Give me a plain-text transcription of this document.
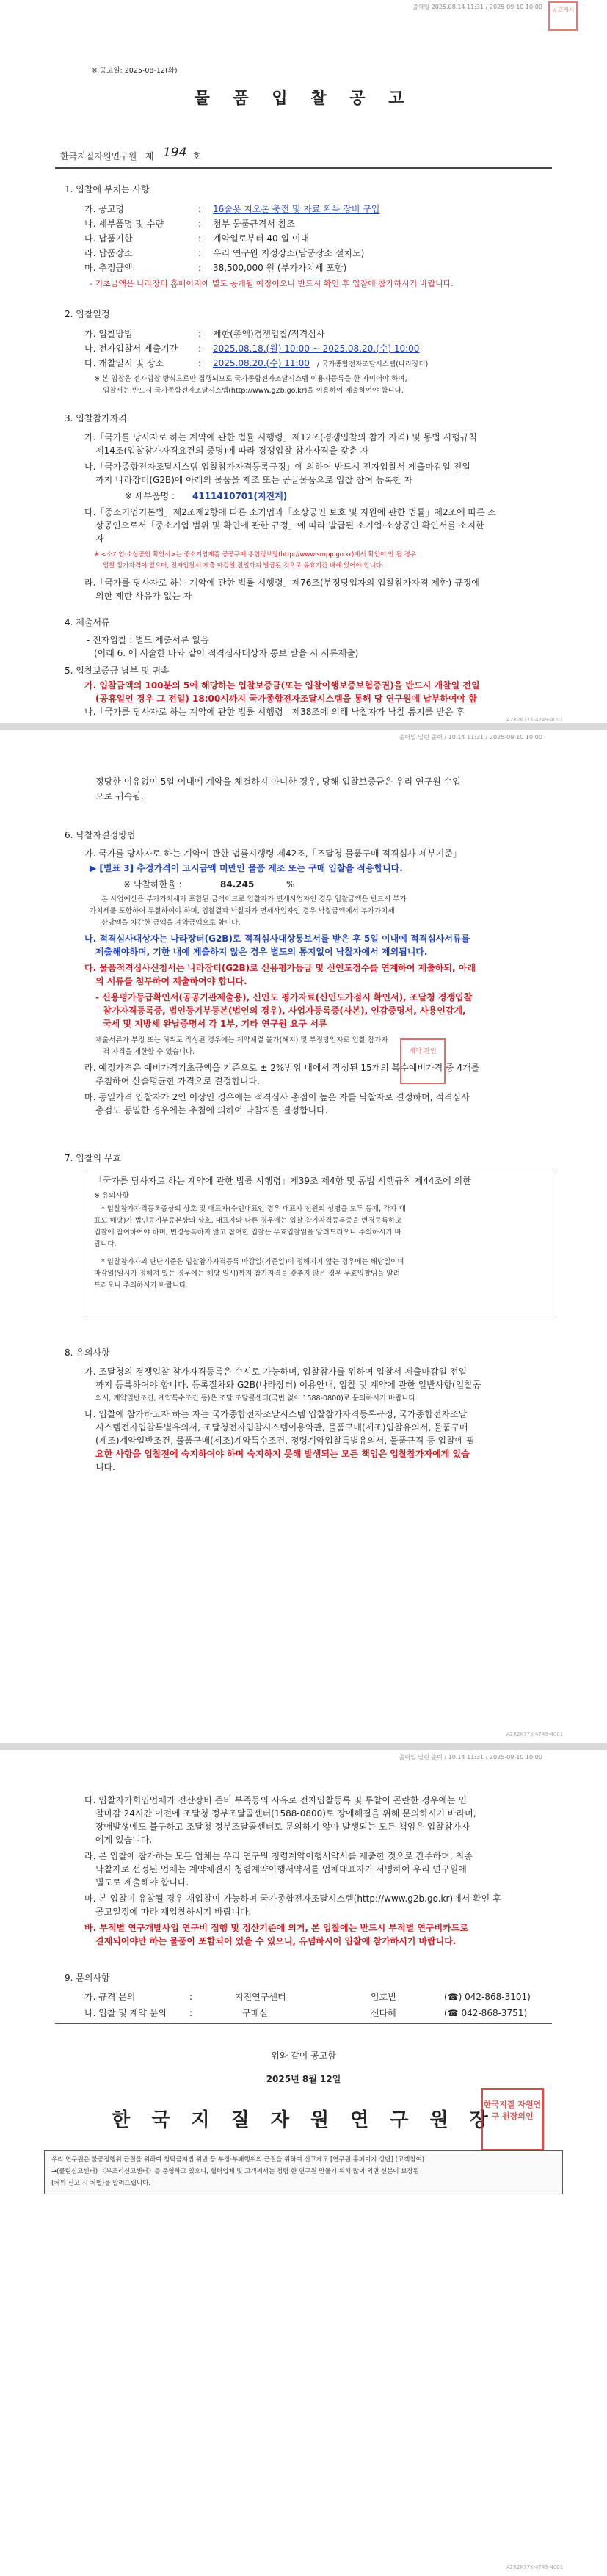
출력일 2025.08.14 11:31 / 2025-09-10 10:00	공고게시
※ 공고일: 2025-08-12(화)
물 품 입 찰 공 고
한국지질자원연구원 제 194 호
1. 입찰에 부치는 사항
가. 공고명	: 16술옷 지오톤 충전 및 자료 획득 장비 구입
나. 세부품명 및 수량	: 첨부 물품규격서 참조
다. 납품기한	: 계약일로부터 40 일 이내
라. 납품장소	: 우리 연구원 지정장소(남품장소 설치도)
마. 추정금액	: 38,500,000 원 (부가가치세 포함)
- 기초금액은 나라장터 홈페이지에 별도 공개될 예정이오니 반드시 확인 후 입찰에 참가하시기 바랍니다.
2. 입찰일정
가. 입찰방법	: 제한(총액)경쟁입찰/적격심사
나. 전자입찰서 제출기간 : 2025.08.18.(월) 10:00 ~ 2025.08.20.(수) 10:00
다. 개찰일시 및 장소	: 2025.08.20.(수) 11:00 / 국가종합전자조달시스템(나라장터)
※ 본 입찰은 전자입찰 방식으로만 집행되므로 국가종합전자조달시스템 이용자등록을 한 자이어야 하며,
입찰서는 반드시 국가종합전자조달시스템(http://www.g2b.go.kr)을 이용하여 제출하여야 합니다.
3. 입찰참가자격
가.「국가를 당사자로 하는 계약에 관한 법률 시행령」제12조(경쟁입찰의 참가 자격) 및 동법 시행규칙
제14조(입찰참가자격요건의 증명)에 따라 경쟁입찰 참가자격을 갖춘 자
나.「국가종합전자조달시스템 입찰참가자격등록규정」에 의하여 반드시 전자입찰서 제출마감일 전일
까지 나라장터(G2B)에 아래의 물품을 제조 또는 공급물품으로 입찰 참여 등록한 자
※ 세부품명 : 4111410701(지진계)
다.「중소기업기본법」제2조제2항에 따른 소기업과「소상공인 보호 및 지원에 관한 법률」제2조에 따른 소
상공인으로서「중소기업 범위 및 확인에 관한 규정」에 따라 발급된 소기업·소상공인 확인서를 소지한
자
※ <소기업·소상공인 확인서>는 중소기업제품 공공구매 종합정보망(http://www.smpp.go.kr)에서 확인이 안 될 경우
입찰 참가자격이 없으며, 전자입찰서 제출 마감일 전일까지 발급된 것으로 유효기간 내에 있어야 합니다.
라.「국가를 당사자로 하는 계약에 관한 법률 시행령」제76조(부정당업자의 입찰참가자격 제한) 규정에
의한 제한 사유가 없는 자
4. 제출서류
- 전자입찰 : 별도 제출서류 없음
(이래 6. 에 서술한 바와 같이 적격심사대상자 통보 받을 시 서류제출)
5. 입찰보증금 납부 및 귀속
가. 입찰금액의 100분의 5에 해당하는 입찰보증금(또는 입찰이행보증보험증권)을 반드시 개찰일 전일
(공휴일인 경우 그 전일) 18:00시까지 국가종합전자조달시스템을 통해 당 연구원에 납부하여야 함
나.「국가를 당사자로 하는 계약에 관한 법률 시행령」제38조에 의해 낙찰자가 낙찰 통지를 받은 후
A2R2K77X-4749-4001
출력일 밀린 출력 / 10.14 11:31 / 2025-09-10 10:00
정당한 이유없이 5일 이내에 계약을 체결하지 아니한 경우, 당해 입찰보증금은 우리 연구원 수입
으로 귀속됨.
6. 낙찰자결정방법
가. 국가를 당사자로 하는 계약에 관한 법률시행령 제42조,「조달청 물품구매 적격심사 세부기준」
▶ [별표 3] 추정가격이 고시금액 미만인 물품 제조 또는 구매 입찰을 적용합니다.
※ 낙찰하한율 :	84.245	%
본 사업예산은 부가가치세가 포함된 금액이므로 입찰자가 면세사업자인 경우 입찰금액은 반드시 부가
가치세를 포함하여 투찰하여야 하며, 입찰결과 낙찰자가 면세사업자인 경우 낙찰금액에서 부가가치세
상당액을 차감한 금액을 계약금액으로 합니다.
나. 적격심사대상자는 나라장터(G2B)로 적격심사대상통보서를 받은 후 5일 이내에 적격심사서류를
제출해야하며, 기한 내에 제출하지 않은 경우 별도의 통지없이 낙찰자에서 제외됩니다.
다. 물품적격심사신청서는 나라장터(G2B)로 신용평가등급 및 신인도정수를 연계하여 제출하되, 아래
의 서류를 첨부하여 제출하여야 합니다.
- 신용평가등급확인서(공공기관제출용), 신인도 평가자료(신인도가점시 확인서), 조달청 경쟁입찰
참가자격등록증, 법인등기부등본(법인의 경우), 사업자등록증(사본), 인감증명서, 사용인감계,
국세 및 지방세 완납증명서 각 1부, 기타 연구원 요구 서류
제출서류가 부정 또는 허위로 작성된 경우에는 계약체결 불가(해지) 및 부정당업자로 입찰 참가자
격 자격을 제한할 수 있습니다.
라. 예정가격은 예비가격기초금액을 기준으로 ± 2%범위 내에서 작성된 15개의 복수예비가격 중 4개를
추첨하여 산술평균한 가격으로 결정합니다.
마. 동일가격 입찰자가 2인 이상인 경우에는 적격심사 총점이 높은 자를 낙찰자로 결정하며, 적격심사
총점도 동일한 경우에는 추첨에 의하여 낙찰자를 결정합니다.
계약 관인
7. 입찰의 무효
「국가를 당사자로 하는 계약에 관한 법률 시행령」제39조 제4항 및 동법 시행규칙 제44조에 의한
※ 유의사항
* 입찰참가자격등록증상의 상호 및 대표자(수인대표인 경우 대표자 전원의 성명을 모두 등재, 각자 대
표도 해당)가 법인등기부등본상의 상호, 대표자와 다른 경우에는 입찰 참가자격등록증을 변경등록하고
입찰에 참여하여야 하며, 변경등록하지 않고 참여한 입찰은 무효입찰임을 알려드리오니 주의하시기 바
랍니다.
* 입찰참가자의 판단기준은 입찰참가자격등록 마감일(기준일)이 정해지지 않는 경우에는 해당일이며
마감일(일시가 정해져 있는 경우에는 해당 일시)까지 참가자격을 갖추지 않은 경우 무효입찰임을 알려
드리오니 주의하시기 바랍니다.
8. 유의사항
가. 조달청의 경쟁입찰 참가자격등록은 수시로 가능하며, 입찰참가를 위하여 입찰서 제출마감일 전일
까지 등록하여야 합니다. 등록절차와 G2B(나라장터) 이용안내, 입찰 및 계약에 관한 일반사항(입찰공
의서, 계약일반조건, 계약특수조건 등)은 조달 조달콜센터(국번 없이 1588-0800)로 문의하시기 바랍니다.
나. 입찰에 참가하고자 하는 자는 국가종합전자조달시스템 입찰참가자격등록규정, 국가종합전자조달
시스템전자입찰특별유의서, 조달청전자입찰시스템이용약관, 물품구매(제조)입찰유의서, 물품구매
(제조)계약일반조건, 물품구매(제조)계약특수조건, 정령계약입찰특별유의서, 물품규격 등 입찰에 필
요한 사항을 입찰전에 숙지하여야 하며 숙지하지 못해 발생되는 모든 책임은 입찰참가자에게 있습
니다.
A2R2K77X-4749-4001
출력일 밀린 출력 / 10.14 11:31 / 2025-09-10 10:00
다. 입찰자가회입업체가 전산장비 준비 부족등의 사유로 전자입찰등록 및 투찰이 곤란한 경우에는 입
찰마감 24시간 이전에 조달청 정부조달콜센터(1588-0800)로 장애해결을 위해 문의하시기 바라며,
장애발생에도 불구하고 조달청 정부조달콜센터로 문의하지 않아 발생되는 모든 책임은 입찰참가자
에게 있습니다.
라. 본 입찰에 참가하는 모든 업체는 우리 연구원 청렴계약이행서약서를 제출한 것으로 간주하며, 최종
낙찰자로 선정된 업체는 계약체결시 청렴계약이행서약서를 업체대표자가 서명하여 우리 연구원에
별도로 제출해야 합니다.
마. 본 입찰이 유찰될 경우 재입찰이 가능하며 국가종합전자조달시스템(http://www.g2b.go.kr)에서 확인 후
공고일정에 따라 재입찰하시기 바랍니다.
바. 부적별 연구개발사업 연구비 집행 및 정산기준에 의거, 본 입찰에는 반드시 부적별 연구비카드로
결제되어야만 하는 물품이 포함되어 있을 수 있으니, 유념하시어 입찰에 참가하시기 바랍니다.
9. 문의사항
가. 규격 문의	:	지진연구센터	임호빈	(☎) 042-868-3101)
나. 입찰 및 계약 문의	:	구매실	신다혜	(☎ 042-868-3751)
위와 같이 공고함
2025년 8월 12일
한 국 지 질 자 원 연 구 원 장
한국지질 자원연구 원장의인
우리 연구원은 불공정행위 근절을 위하여 청탁금지법 위반 등 부정·부패행위의 근절을 위하여 신고제도 [연구원 홈페이지 상단] (고객참여)
→(클린신고센터) 〈부조리신고센터〉를 운영하고 있으니, 협력업체 및 고객께서는 청렴 한 연구원 만들기 위해 많이 외면 신분이 보장됨
(처위 신고 시 처벌)을 알려드립니다.
A2R2K77X-4749-4001
